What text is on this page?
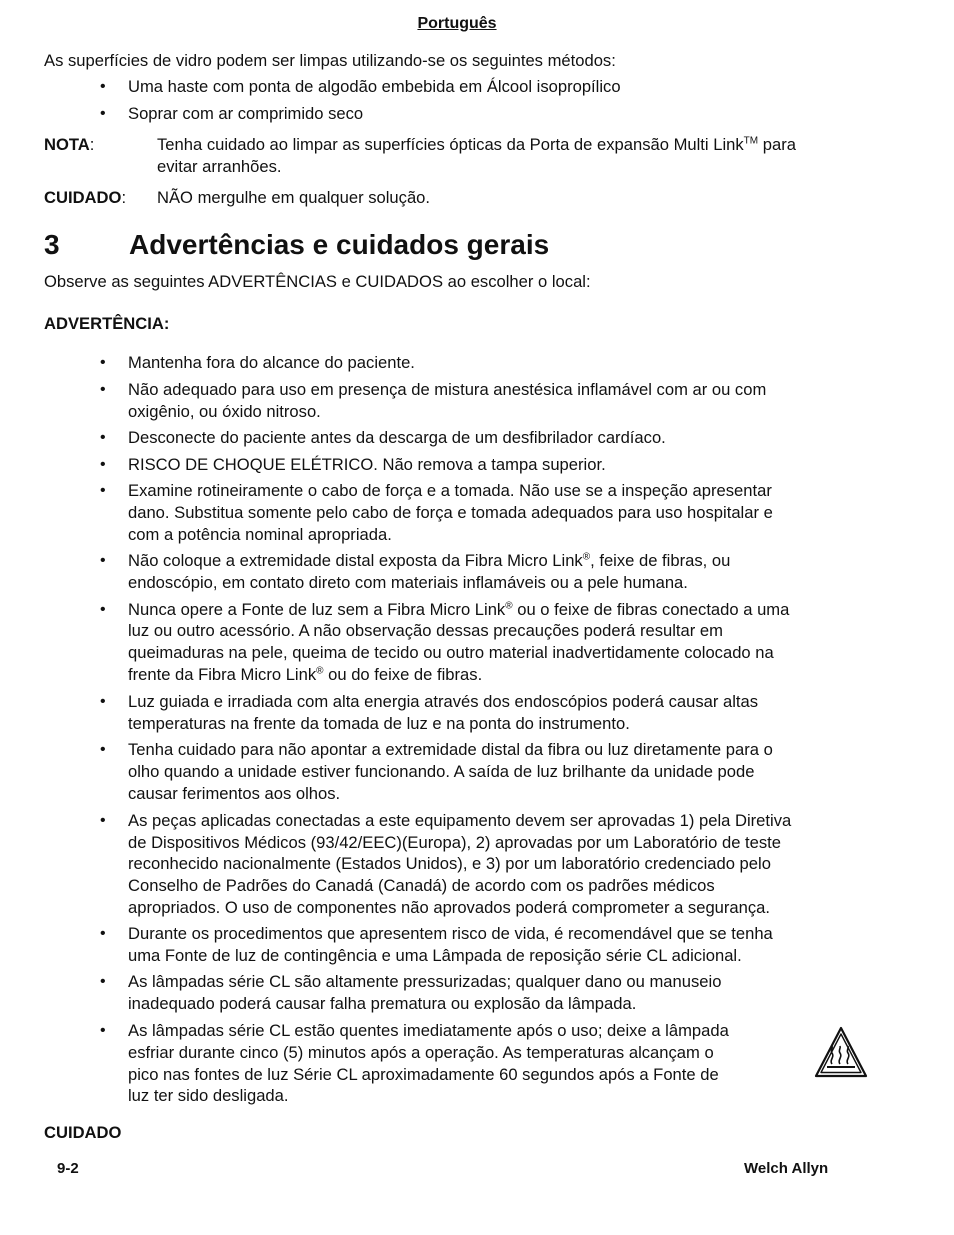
Português
As superfícies de vidro podem ser limpas utilizando-se os seguintes métodos:
• Uma haste com ponta de algodão embebida em Álcool isopropílico
• Soprar com ar comprimido seco
NOTA:	Tenha cuidado ao limpar as superfícies ópticas da Porta de expansão Multi Link™ para
evitar arranhões.
CUIDADO: NÃO mergulhe em qualquer solução.
3 Advertências e cuidados gerais
Observe as seguintes ADVERTÊNCIAS e CUIDADOS ao escolher o local:
ADVERTÊNCIA:
• Mantenha fora do alcance do paciente.
• Não adequado para uso em presença de mistura anestésica inflamável com ar ou com
oxigênio, ou óxido nitroso.
• Desconecte do paciente antes da descarga de um desfibrilador cardíaco.
• RISCO DE CHOQUE ELÉTRICO. Não remova a tampa superior.
• Examine rotineiramente o cabo de força e a tomada. Não use se a inspeção apresentar
dano. Substitua somente pelo cabo de força e tomada adequados para uso hospitalar e
com a potência nominal apropriada.
• Não coloque a extremidade distal exposta da Fibra Micro Link®, feixe de fibras, ou
endoscópio, em contato direto com materiais inflamáveis ou a pele humana.
• Nunca opere a Fonte de luz sem a Fibra Micro Link® ou o feixe de fibras conectado a uma
luz ou outro acessório. A não observação dessas precauções poderá resultar em
queimaduras na pele, queima de tecido ou outro material inadvertidamente colocado na
frente da Fibra Micro Link® ou do feixe de fibras.
• Luz guiada e irradiada com alta energia através dos endoscópios poderá causar altas
temperaturas na frente da tomada de luz e na ponta do instrumento.
• Tenha cuidado para não apontar a extremidade distal da fibra ou luz diretamente para o
olho quando a unidade estiver funcionando. A saída de luz brilhante da unidade pode
causar ferimentos aos olhos.
• As peças aplicadas conectadas a este equipamento devem ser aprovadas 1) pela Diretiva
de Dispositivos Médicos (93/42/EEC)(Europa), 2) aprovadas por um Laboratório de teste
reconhecido nacionalmente (Estados Unidos), e 3) por um laboratório credenciado pelo
Conselho de Padrões do Canadá (Canadá) de acordo com os padrões médicos
apropriados. O uso de componentes não aprovados poderá comprometer a segurança.
• Durante os procedimentos que apresentem risco de vida, é recomendável que se tenha
uma Fonte de luz de contingência e uma Lâmpada de reposição série CL adicional.
• As lâmpadas série CL são altamente pressurizadas; qualquer dano ou manuseio
inadequado poderá causar falha prematura ou explosão da lâmpada.
• As lâmpadas série CL estão quentes imediatamente após o uso; deixe a lâmpada
esfriar durante cinco (5) minutos após a operação. As temperaturas alcançam o
pico nas fontes de luz Série CL aproximadamente 60 segundos após a Fonte de
luz ter sido desligada.
CUIDADO
9-2	Welch Allyn
